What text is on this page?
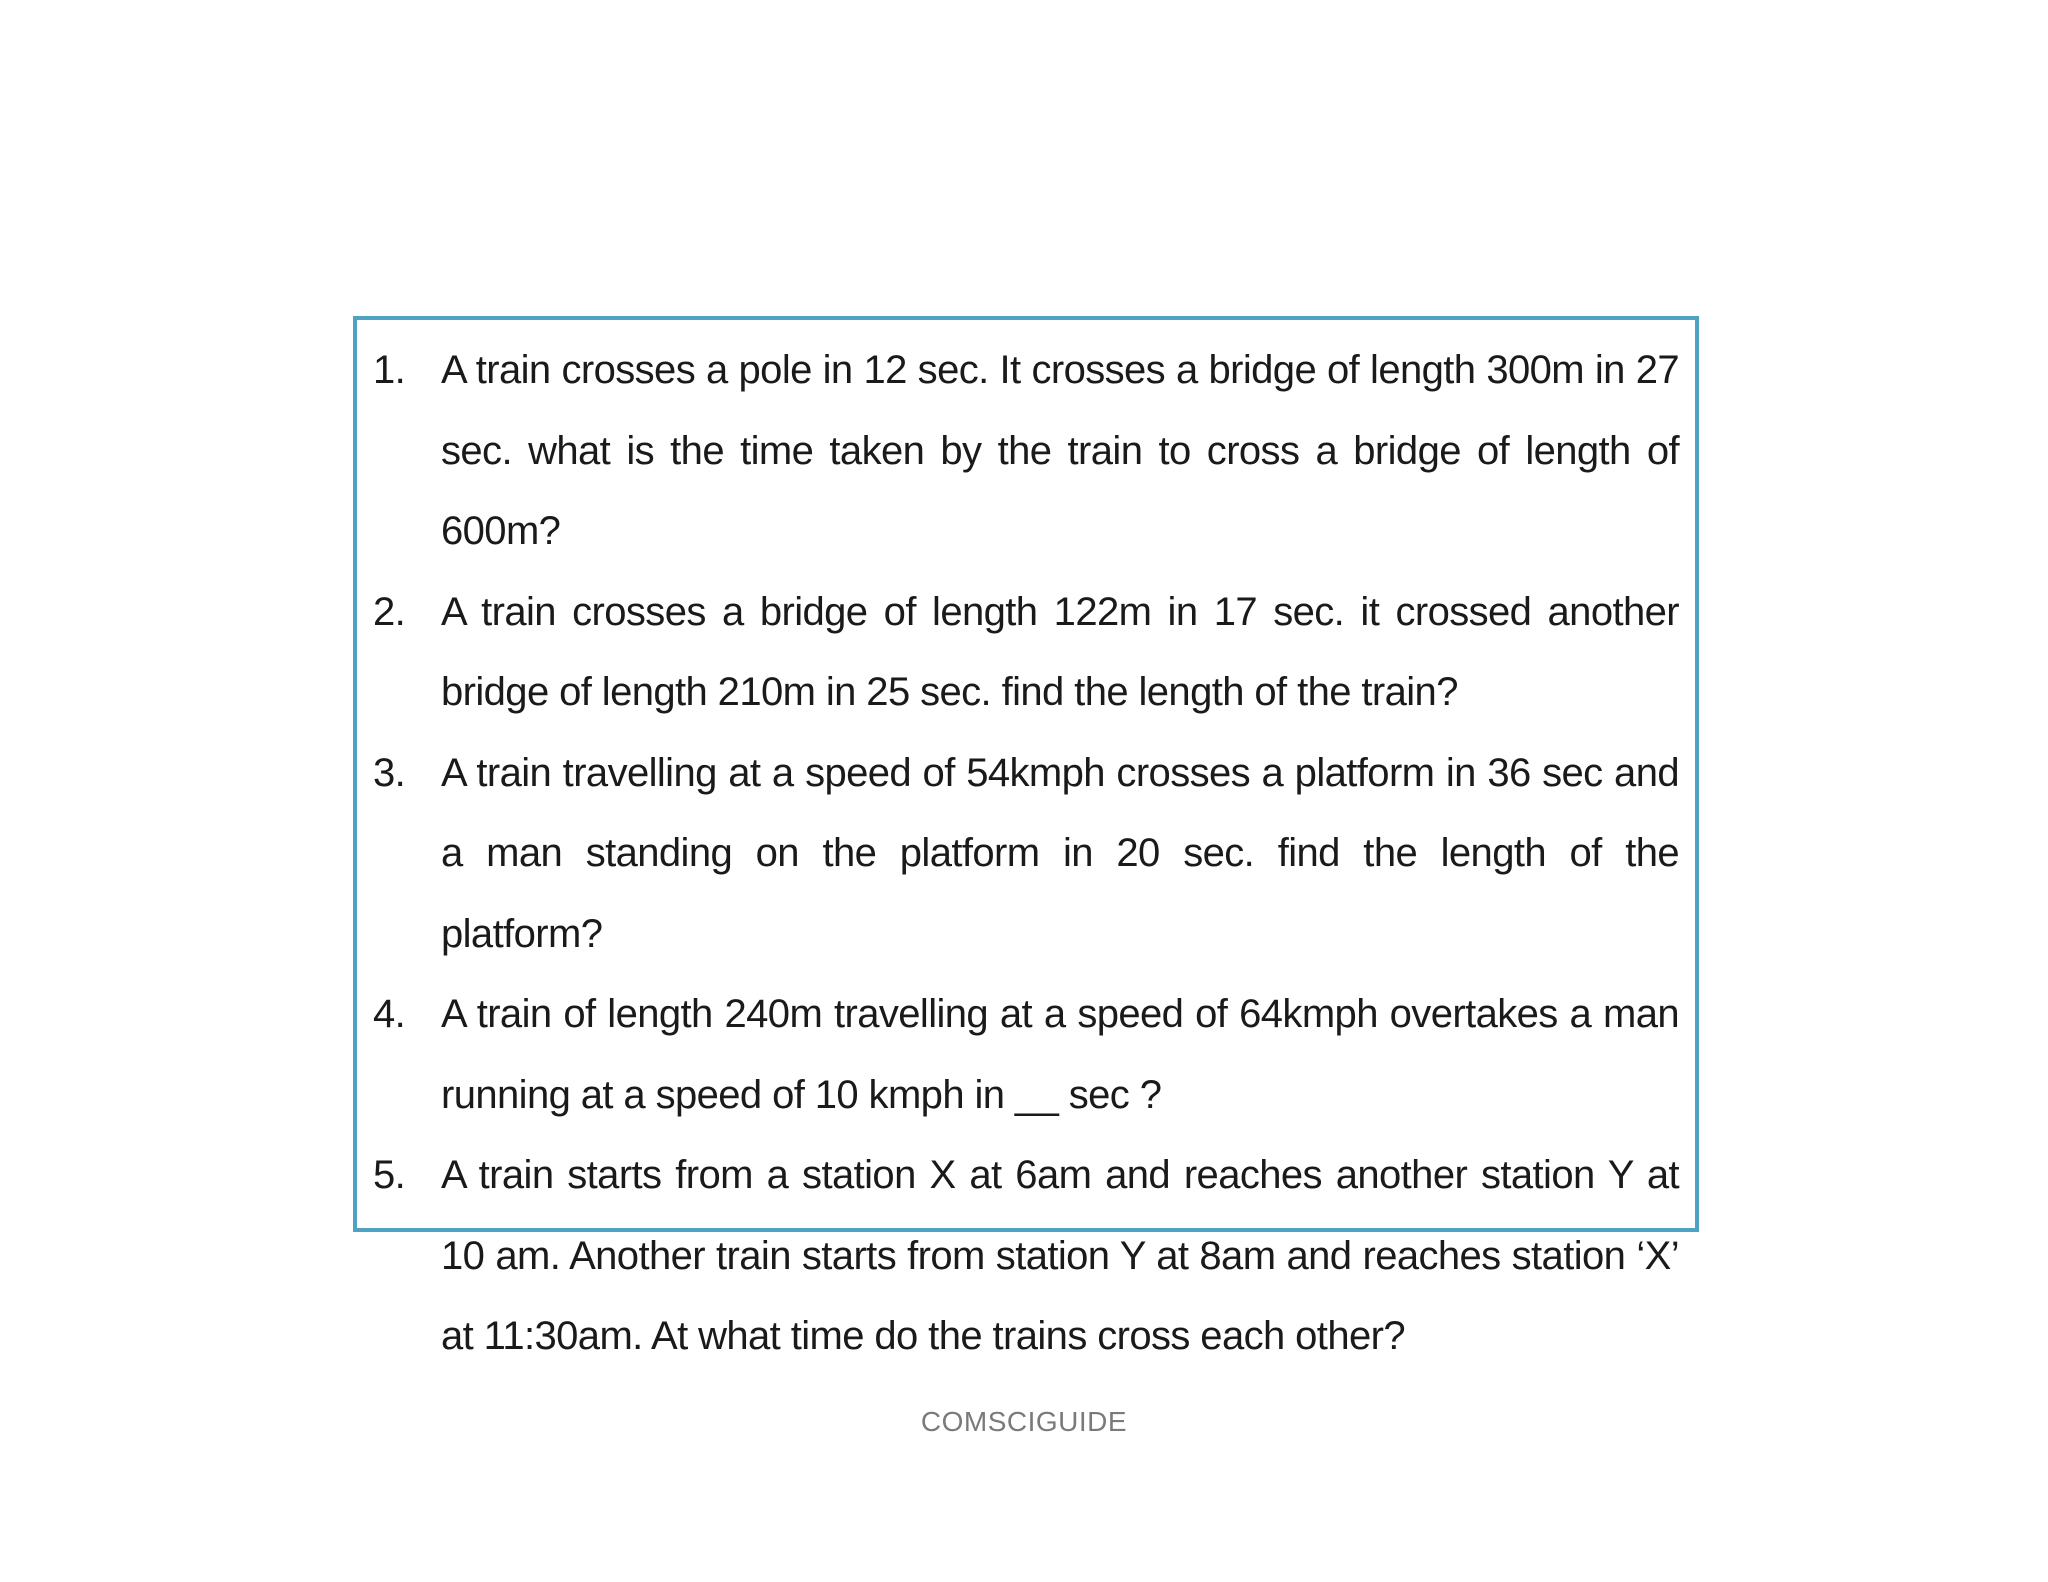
1. A train crosses a pole in 12 sec. It crosses a bridge of length 300m in 27 sec. what is the time taken by the train to cross a bridge of length of 600m?
2. A train crosses a bridge of length 122m in 17 sec. it crossed another bridge of length 210m in 25 sec. find the length of the train?
3. A train travelling at a speed of 54kmph crosses a platform in 36 sec and a man standing on the platform in 20 sec. find the length of the platform?
4. A train of length 240m travelling at a speed of 64kmph overtakes a man running at a speed of 10 kmph in __ sec ?
5. A train starts from a station X at 6am and reaches another station Y at 10 am. Another train starts from station Y at 8am and reaches station ‘X’ at 11:30am. At what time do the trains cross each other?
COMSCIGUIDE
